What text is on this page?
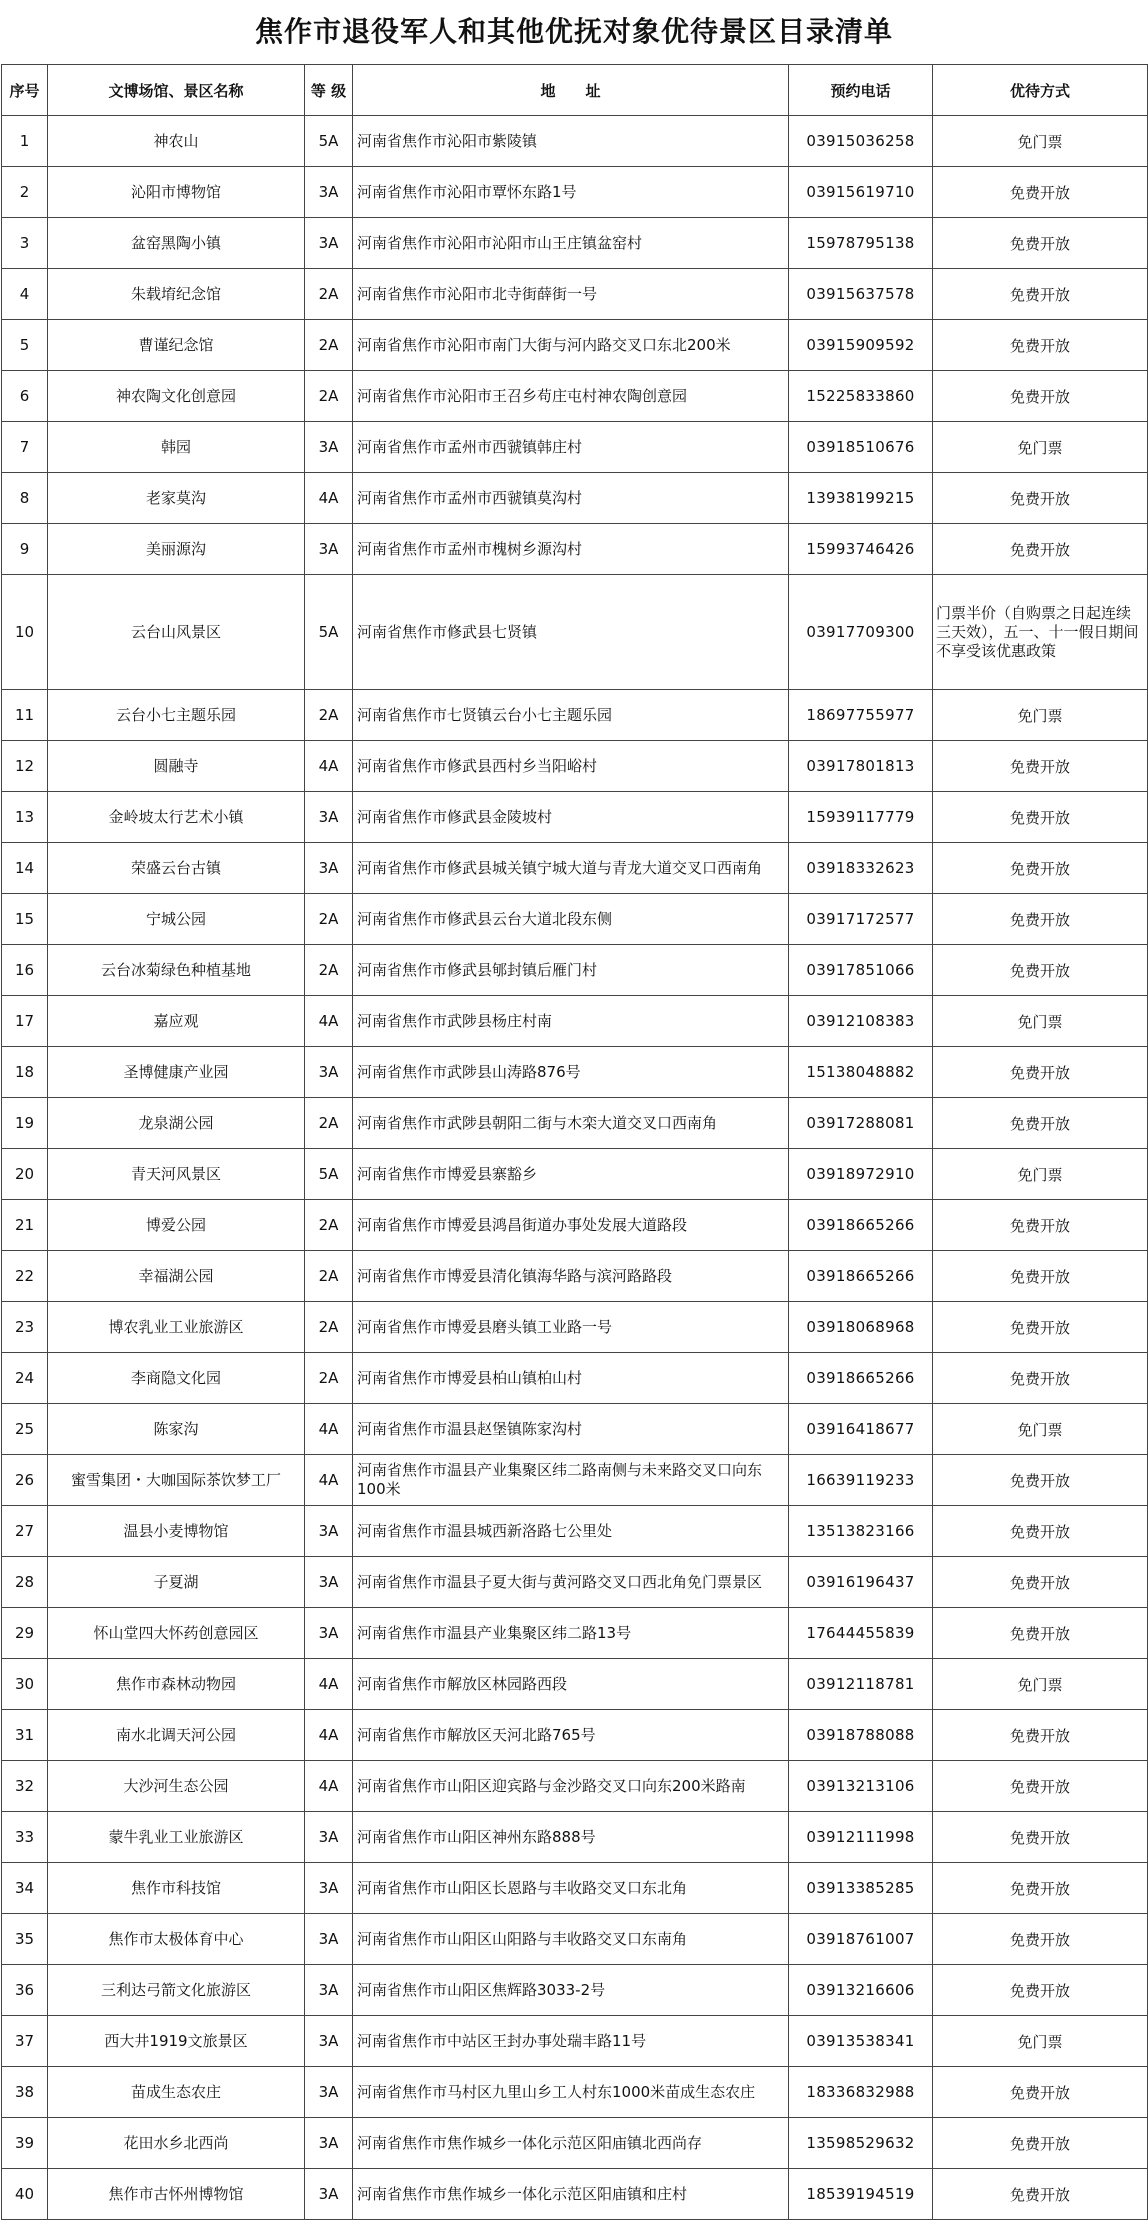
焦作市退役军人和其他优抚对象优待景区目录清单
序号	文博场馆、景区名称	等 级	地　　址	预约电话	优待方式
1	神农山	5A	河南省焦作市沁阳市紫陵镇	03915036258	免门票
2	沁阳市博物馆	3A	河南省焦作市沁阳市覃怀东路1号	03915619710	免费开放
3	盆窑黑陶小镇	3A	河南省焦作市沁阳市沁阳市山王庄镇盆窑村	15978795138	免费开放
4	朱载堉纪念馆	2A	河南省焦作市沁阳市北寺街薛街一号	03915637578	免费开放
5	曹谨纪念馆	2A	河南省焦作市沁阳市南门大街与河内路交叉口东北200米	03915909592	免费开放
6	神农陶文化创意园	2A	河南省焦作市沁阳市王召乡苟庄屯村神农陶创意园	15225833860	免费开放
7	韩园	3A	河南省焦作市孟州市西虢镇韩庄村	03918510676	免门票
8	老家莫沟	4A	河南省焦作市孟州市西虢镇莫沟村	13938199215	免费开放
9	美丽源沟	3A	河南省焦作市孟州市槐树乡源沟村	15993746426	免费开放
10	云台山风景区	5A	河南省焦作市修武县七贤镇	03917709300	门票半价（自购票之日起连续三天效），五一、十一假日期间不享受该优惠政策
11	云台小七主题乐园	2A	河南省焦作市七贤镇云台小七主题乐园	18697755977	免门票
12	圆融寺	4A	河南省焦作市修武县西村乡当阳峪村	03917801813	免费开放
13	金岭坡太行艺术小镇	3A	河南省焦作市修武县金陵坡村	15939117779	免费开放
14	荣盛云台古镇	3A	河南省焦作市修武县城关镇宁城大道与青龙大道交叉口西南角	03918332623	免费开放
15	宁城公园	2A	河南省焦作市修武县云台大道北段东侧	03917172577	免费开放
16	云台冰菊绿色种植基地	2A	河南省焦作市修武县郇封镇后雁门村	03917851066	免费开放
17	嘉应观	4A	河南省焦作市武陟县杨庄村南	03912108383	免门票
18	圣博健康产业园	3A	河南省焦作市武陟县山涛路876号	15138048882	免费开放
19	龙泉湖公园	2A	河南省焦作市武陟县朝阳二街与木栾大道交叉口西南角	03917288081	免费开放
20	青天河风景区	5A	河南省焦作市博爱县寨豁乡	03918972910	免门票
21	博爱公园	2A	河南省焦作市博爱县鸿昌街道办事处发展大道路段	03918665266	免费开放
22	幸福湖公园	2A	河南省焦作市博爱县清化镇海华路与滨河路路段	03918665266	免费开放
23	博农乳业工业旅游区	2A	河南省焦作市博爱县磨头镇工业路一号	03918068968	免费开放
24	李商隐文化园	2A	河南省焦作市博爱县柏山镇柏山村	03918665266	免费开放
25	陈家沟	4A	河南省焦作市温县赵堡镇陈家沟村	03916418677	免门票
26	蜜雪集团・大咖国际茶饮梦工厂	4A	河南省焦作市温县产业集聚区纬二路南侧与未来路交叉口向东100米	16639119233	免费开放
27	温县小麦博物馆	3A	河南省焦作市温县城西新洛路七公里处	13513823166	免费开放
28	子夏湖	3A	河南省焦作市温县子夏大街与黄河路交叉口西北角免门票景区	03916196437	免费开放
29	怀山堂四大怀药创意园区	3A	河南省焦作市温县产业集聚区纬二路13号	17644455839	免费开放
30	焦作市森林动物园	4A	河南省焦作市解放区林园路西段	03912118781	免门票
31	南水北调天河公园	4A	河南省焦作市解放区天河北路765号	03918788088	免费开放
32	大沙河生态公园	4A	河南省焦作市山阳区迎宾路与金沙路交叉口向东200米路南	03913213106	免费开放
33	蒙牛乳业工业旅游区	3A	河南省焦作市山阳区神州东路888号	03912111998	免费开放
34	焦作市科技馆	3A	河南省焦作市山阳区长恩路与丰收路交叉口东北角	03913385285	免费开放
35	焦作市太极体育中心	3A	河南省焦作市山阳区山阳路与丰收路交叉口东南角	03918761007	免费开放
36	三利达弓箭文化旅游区	3A	河南省焦作市山阳区焦辉路3033-2号	03913216606	免费开放
37	西大井1919文旅景区	3A	河南省焦作市中站区王封办事处瑞丰路11号	03913538341	免门票
38	苗成生态农庄	3A	河南省焦作市马村区九里山乡工人村东1000米苗成生态农庄	18336832988	免费开放
39	花田水乡北西尚	3A	河南省焦作市焦作城乡一体化示范区阳庙镇北西尚存	13598529632	免费开放
40	焦作市古怀州博物馆	3A	河南省焦作市焦作城乡一体化示范区阳庙镇和庄村	18539194519	免费开放
